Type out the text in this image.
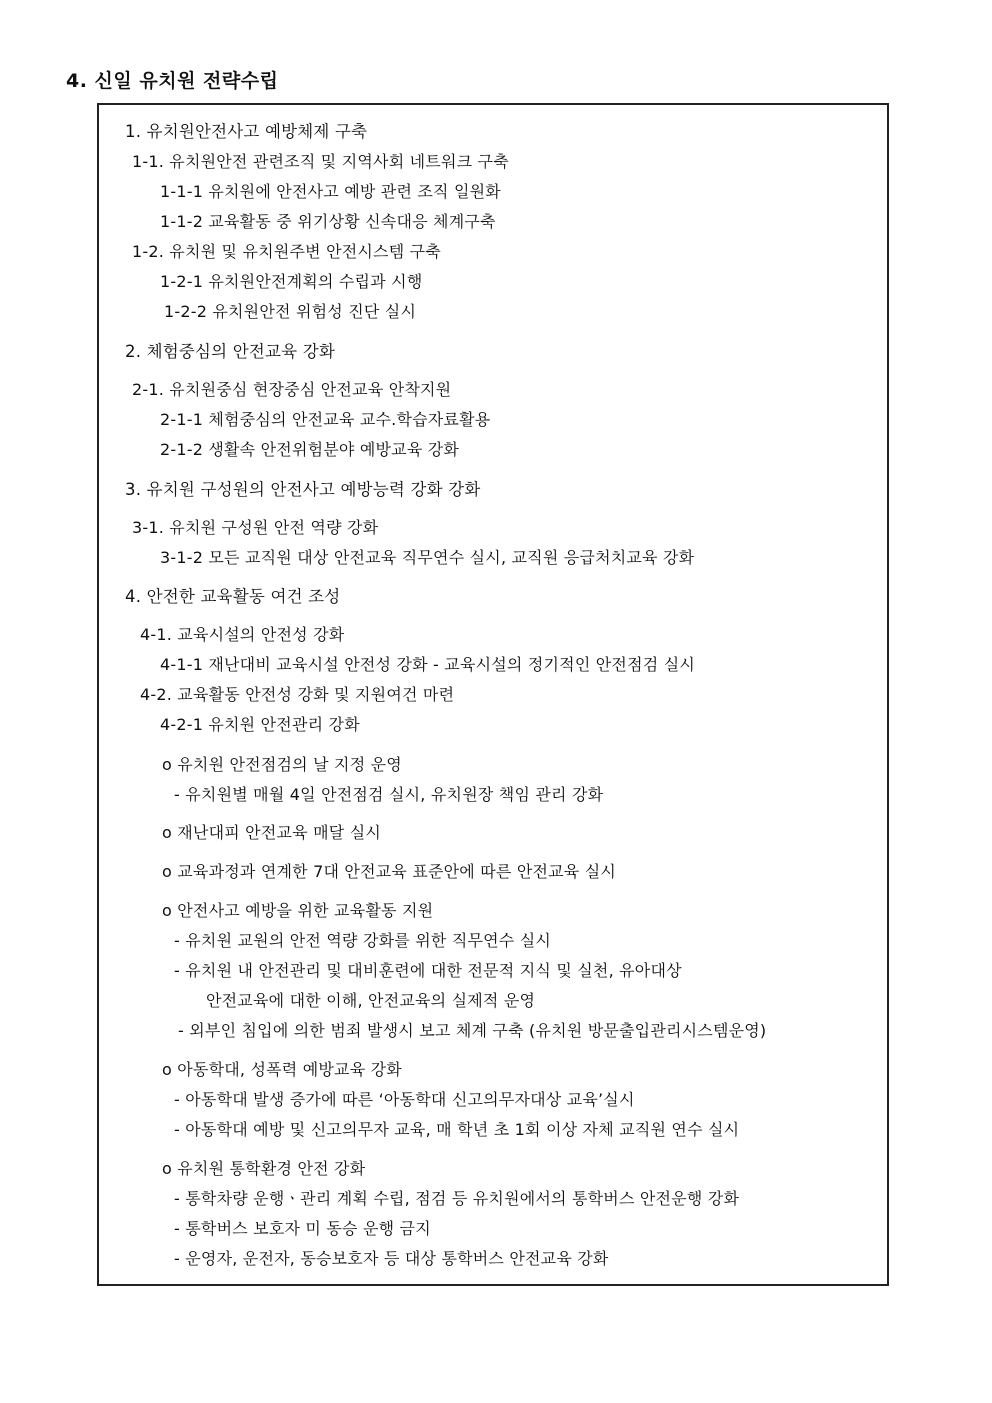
4. 신일 유치원 전략수립
1. 유치원안전사고 예방체제 구축
1-1. 유치원안전 관련조직 및 지역사회 네트워크 구축
1-1-1 유치원에 안전사고 예방 관련 조직 일원화
1-1-2 교육활동 중 위기상황 신속대응 체계구축
1-2. 유치원 및 유치원주변 안전시스템 구축
1-2-1 유치원안전계획의 수립과 시행
1-2-2 유치원안전 위험성 진단 실시
2. 체험중심의 안전교육 강화
2-1. 유치원중심 현장중심 안전교육 안착지원
2-1-1 체험중심의 안전교육 교수.학습자료활용
2-1-2 생활속 안전위험분야 예방교육 강화
3. 유치원 구성원의 안전사고 예방능력 강화 강화
3-1. 유치원 구성원 안전 역량 강화
3-1-2 모든 교직원 대상 안전교육 직무연수 실시, 교직원 응급처치교육 강화
4. 안전한 교육활동 여건 조성
4-1. 교육시설의 안전성 강화
4-1-1 재난대비 교육시설 안전성 강화 - 교육시설의 정기적인 안전점검 실시
4-2. 교육활동 안전성 강화 및 지원여건 마련
4-2-1 유치원 안전관리 강화
o 유치원 안전점검의 날 지정 운영
- 유치원별 매월 4일 안전점검 실시, 유치원장 책임 관리 강화
o 재난대피 안전교육 매달 실시
o 교육과정과 연계한 7대 안전교육 표준안에 따른 안전교육 실시
o 안전사고 예방을 위한 교육활동 지원
- 유치원 교원의 안전 역량 강화를 위한 직무연수 실시
- 유치원 내 안전관리 및 대비훈련에 대한 전문적 지식 및 실천, 유아대상
안전교육에 대한 이해, 안전교육의 실제적 운영
- 외부인 침입에 의한 범죄 발생시 보고 체계 구축 (유치원 방문출입관리시스템운영)
o 아동학대, 성폭력 예방교육 강화
- 아동학대 발생 증가에 따른 ‘아동학대 신고의무자대상 교육’실시
- 아동학대 예방 및 신고의무자 교육, 매 학년 초 1회 이상 자체 교직원 연수 실시
o 유치원 통학환경 안전 강화
- 통학차량 운행ㆍ관리 계획 수립, 점검 등 유치원에서의 통학버스 안전운행 강화
- 통학버스 보호자 미 동승 운행 금지
- 운영자, 운전자, 동승보호자 등 대상 통학버스 안전교육 강화
